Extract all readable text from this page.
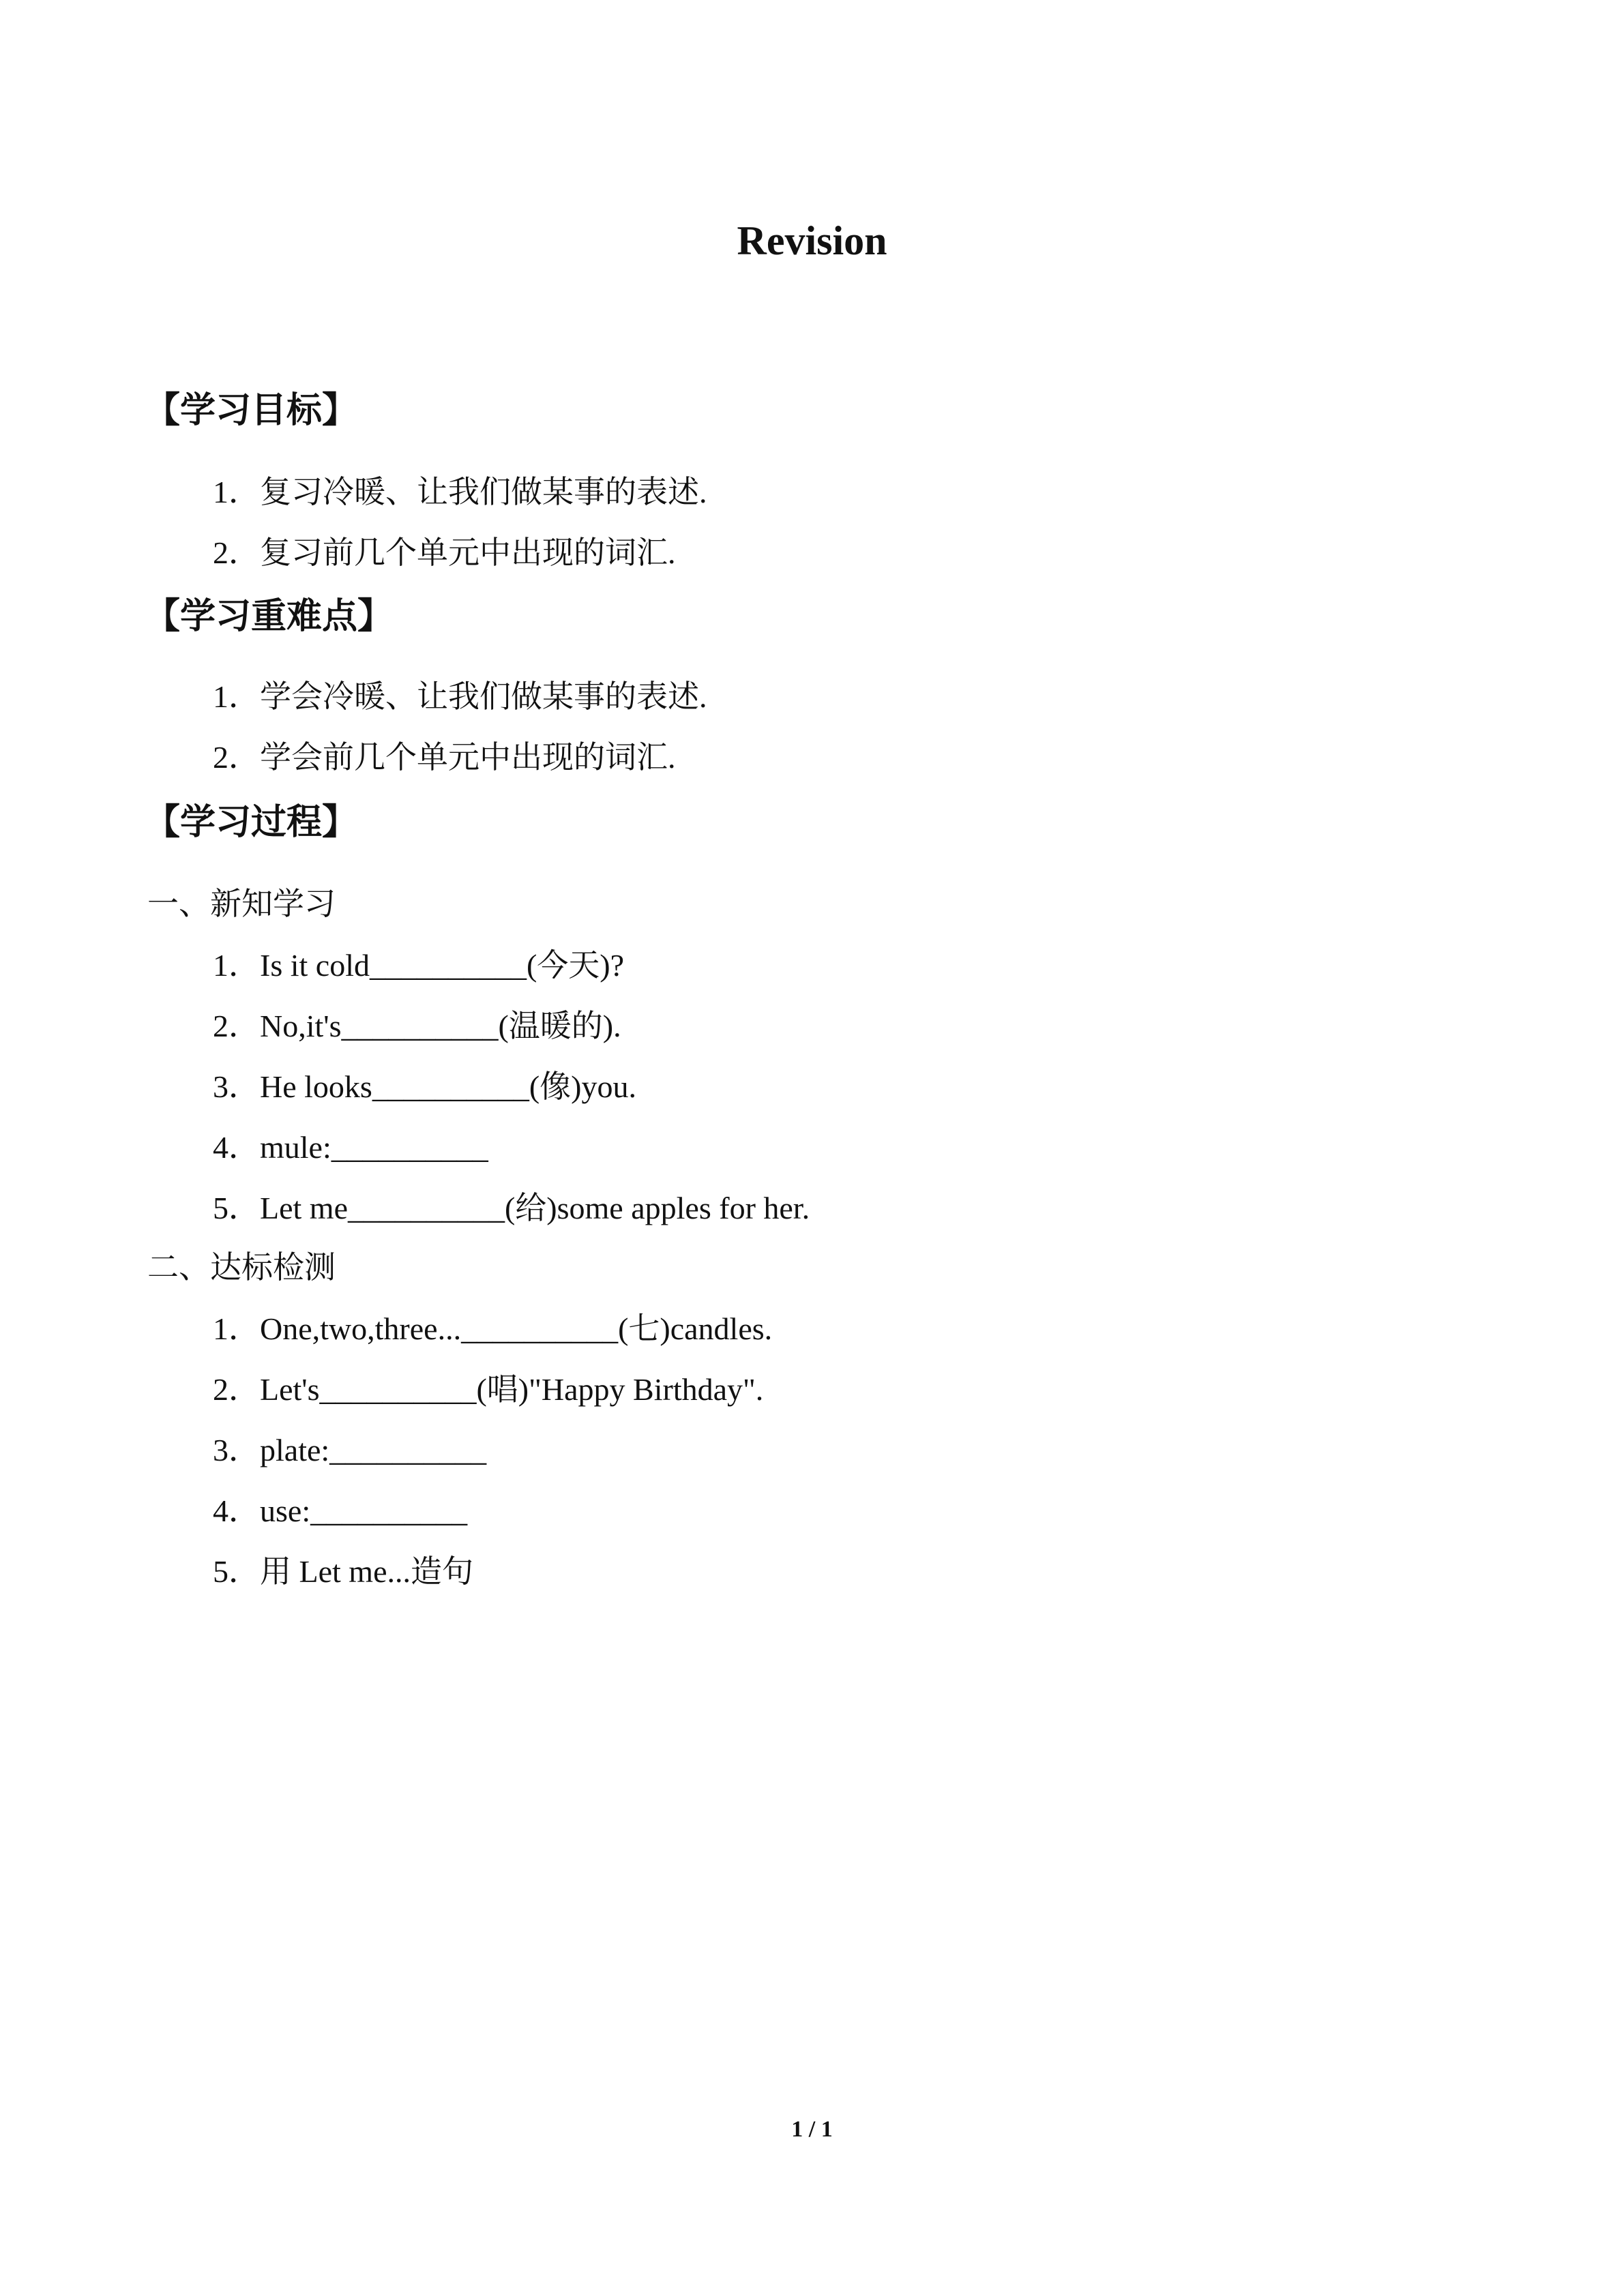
Revision
【学习目标】
1．复习冷暖、让我们做某事的表述.
2．复习前几个单元中出现的词汇.
【学习重难点】
1．学会冷暖、让我们做某事的表述.
2．学会前几个单元中出现的词汇.
【学习过程】
一、新知学习
1．Is it cold__________(今天)?
2．No,it's__________(温暖的).
3．He looks__________(像)you.
4．mule:__________
5．Let me__________(给)some apples for her.
二、达标检测
1．One,two,three...__________(七)candles.
2．Let's__________(唱)"Happy Birthday".
3．plate:__________
4．use:__________
5．用 Let me...造句
1 / 1
